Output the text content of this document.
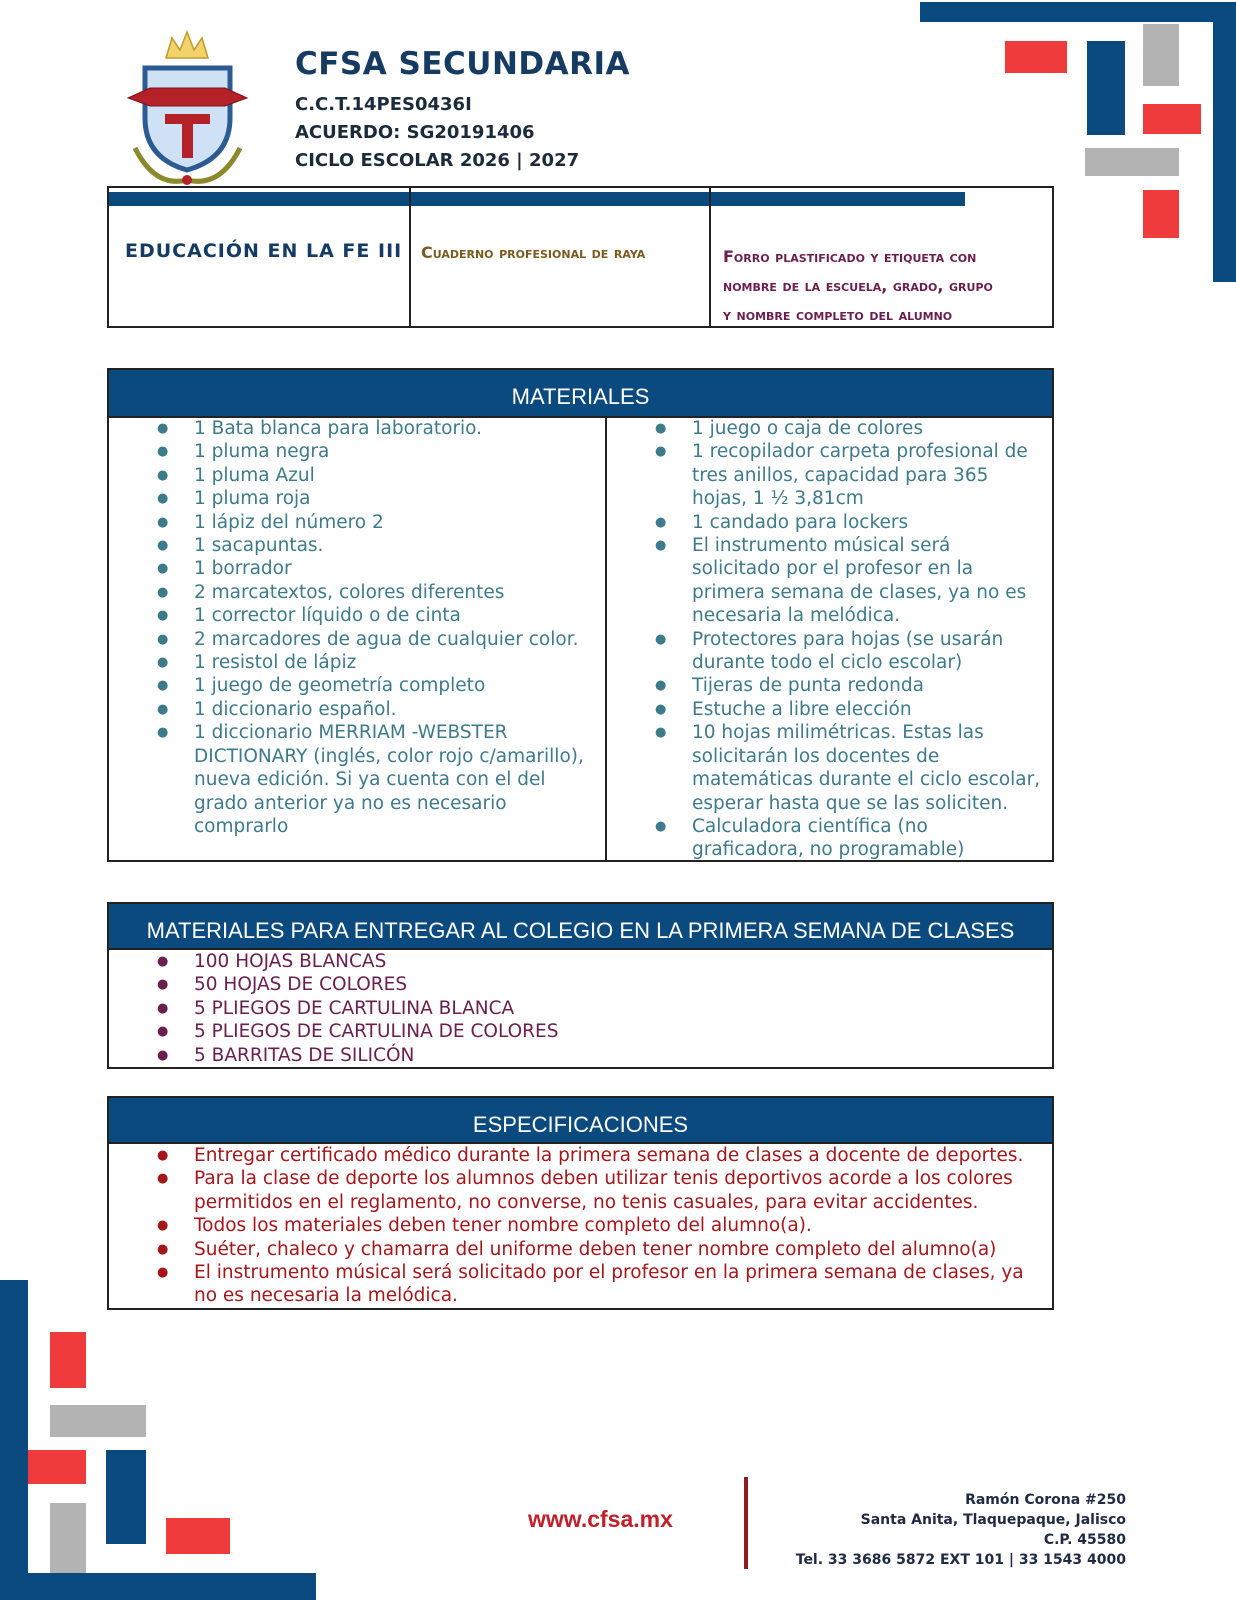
CFSA SECUNDARIA
C.C.T.14PES0436I
ACUERDO: SG20191406
CICLO ESCOLAR 2026 | 2027
EDUCACIÓN EN LA FE III Cuaderno profesional de raya	Forro plastificado y etiqueta con
nombre de la escuela, grado, grupo
y nombre completo del alumno
MATERIALES
● 1 Bata blanca para laboratorio.
● 1 pluma negra
● 1 pluma Azul
● 1 pluma roja
● 1 lápiz del número 2
● 1 sacapuntas.
● 1 borrador
● 2 marcatextos, colores diferentes
● 1 corrector líquido o de cinta
● 2 marcadores de agua de cualquier color.
● 1 resistol de lápiz
● 1 juego de geometría completo
● 1 diccionario español.
● 1 diccionario MERRIAM -WEBSTER DICTIONARY (inglés, color rojo c/amarillo), nueva edición. Si ya cuenta con el del grado anterior ya no es necesario comprarlo
● 1 juego o caja de colores
● 1 recopilador carpeta profesional de tres anillos, capacidad para 365 hojas, 1 ½ 3,81cm
● 1 candado para lockers
● El instrumento músical será solicitado por el profesor en la primera semana de clases, ya no es necesaria la melódica.
● Protectores para hojas (se usarán durante todo el ciclo escolar)
● Tijeras de punta redonda
● Estuche a libre elección
● 10 hojas milimétricas. Estas las solicitarán los docentes de matemáticas durante el ciclo escolar, esperar hasta que se las soliciten.
● Calculadora científica (no graficadora, no programable)
MATERIALES PARA ENTREGAR AL COLEGIO EN LA PRIMERA SEMANA DE CLASES
● 100 HOJAS BLANCAS
● 50 HOJAS DE COLORES
● 5 PLIEGOS DE CARTULINA BLANCA
● 5 PLIEGOS DE CARTULINA DE COLORES
● 5 BARRITAS DE SILICÓN
ESPECIFICACIONES
● Entregar certificado médico durante la primera semana de clases a docente de deportes.
● Para la clase de deporte los alumnos deben utilizar tenis deportivos acorde a los colores permitidos en el reglamento, no converse, no tenis casuales, para evitar accidentes.
● Todos los materiales deben tener nombre completo del alumno(a).
● Suéter, chaleco y chamarra del uniforme deben tener nombre completo del alumno(a)
● El instrumento músical será solicitado por el profesor en la primera semana de clases, ya no es necesaria la melódica.
www.cfsa.mx
Ramón Corona #250
Santa Anita, Tlaquepaque, Jalisco
C.P. 45580
Tel. 33 3686 5872 EXT 101 | 33 1543 4000
